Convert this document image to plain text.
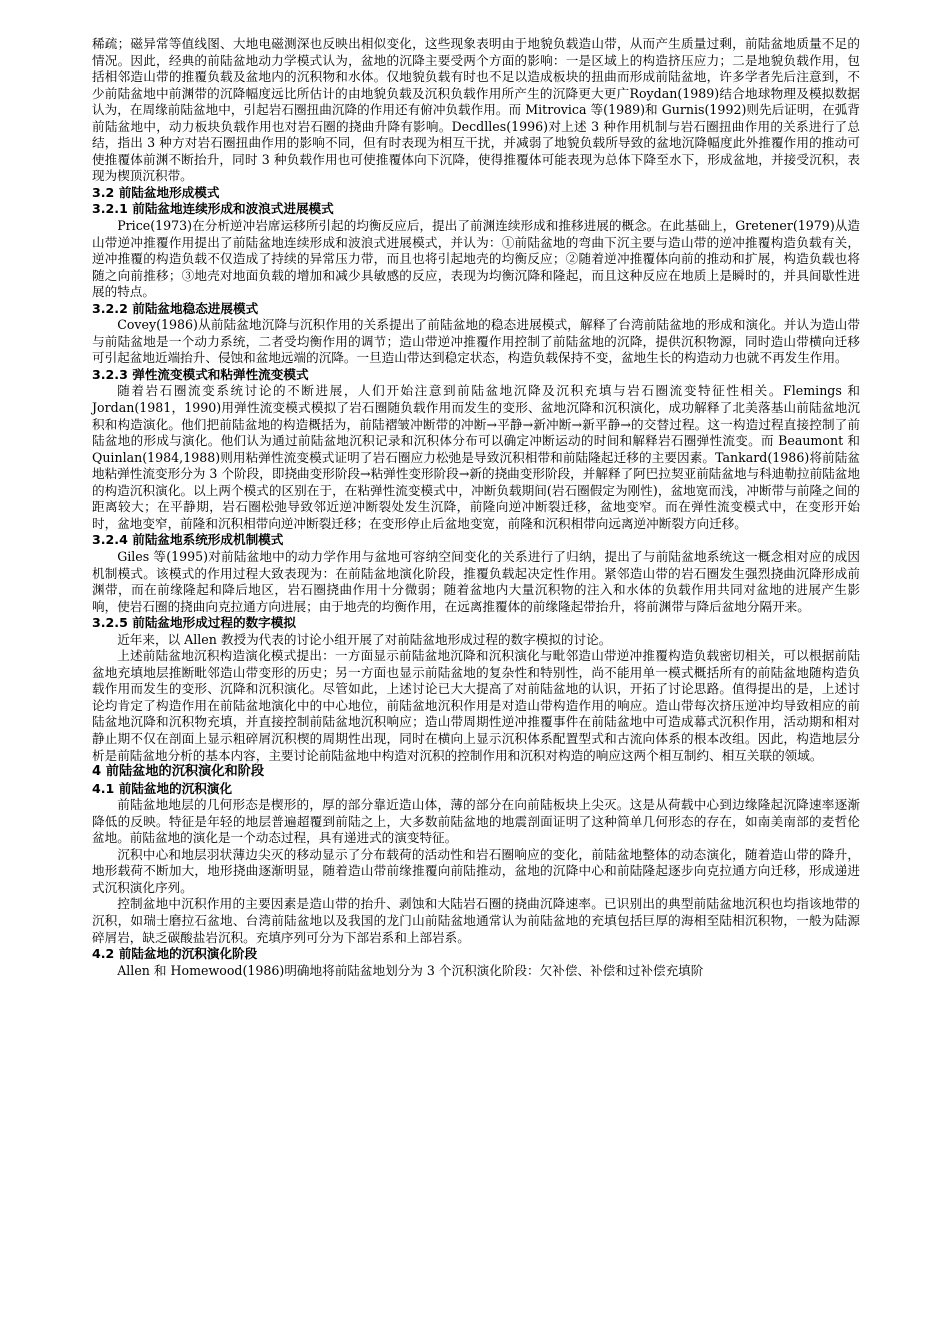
稀疏；磁异常等值线图、大地电磁测深也反映出相似变化，这些现象表明由于地貌负载造山带，从而产生质量过剩，前陆盆地质量不足的情况。因此，经典的前陆盆地动力学模式认为，盆地的沉降主要受两个方面的影响：一是区域上的构造挤压应力；二是地貌负载作用，包括相邻造山带的推覆负载及盆地内的沉积物和水体。仅地貌负载有时也不足以造成板块的扭曲而形成前陆盆地，许多学者先后注意到，不少前陆盆地中前渊带的沉降幅度远比所估计的由地貌负载及沉积负载作用所产生的沉降更大更广Roydan(1989)结合地球物理及模拟数据认为，在周缘前陆盆地中，引起岩石圈扭曲沉降的作用还有俯冲负载作用。而 Mitrovica 等(1989)和 Gurnis(1992)则先后证明，在弧背前陆盆地中，动力板块负载作用也对岩石圈的挠曲升降有影响。Decdlles(1996)对上述 3 种作用机制与岩石圈扭曲作用的关系进行了总结，指出 3 种方对岩石圈扭曲作用的影响不同，但有时表现为相互干扰，并减弱了地貌负载所导致的盆地沉降幅度此外推覆作用的推动可使推覆体前渊不断抬升，同时 3 种负载作用也可使推覆体向下沉降，使得推覆体可能表现为总体下降至水下，形成盆地，并接受沉积，表现为楔顶沉积带。

3.2 前陆盆地形成模式

3.2.1 前陆盆地连续形成和波浪式进展模式

Price(1973)在分析逆冲岩席运移所引起的均衡反应后，提出了前渊连续形成和推移进展的概念。在此基础上，Gretener(1979)从造山带逆冲推覆作用提出了前陆盆地连续形成和波浪式进展模式，并认为：①前陆盆地的弯曲下沉主要与造山带的逆冲推覆构造负载有关，逆冲推覆的构造负载不仅造成了持续的异常压力带，而且也将引起地壳的均衡反应；②随着逆冲推覆体向前的推动和扩展，构造负载也将随之向前推移；③地壳对地面负载的增加和减少具敏感的反应，表现为均衡沉降和隆起，而且这种反应在地质上是瞬时的，并具间歇性进展的特点。

3.2.2 前陆盆地稳态进展模式

Covey(1986)从前陆盆地沉降与沉积作用的关系提出了前陆盆地的稳态进展模式，解释了台湾前陆盆地的形成和演化。并认为造山带与前陆盆地是一个动力系统，二者受均衡作用的调节；造山带逆冲推覆作用控制了前陆盆地的沉降，提供沉积物源，同时造山带横向迁移可引起盆地近端抬升、侵蚀和盆地远端的沉降。一旦造山带达到稳定状态，构造负载保持不变，盆地生长的构造动力也就不再发生作用。

3.2.3 弹性流变模式和粘弹性流变模式

随着岩石圈流变系统讨论的不断进展，人们开始注意到前陆盆地沉降及沉积充填与岩石圈流变特征性相关。Flemings 和 Jordan(1981，1990)用弹性流变模式模拟了岩石圈随负载作用而发生的变形、盆地沉降和沉积演化，成功解释了北美落基山前陆盆地沉积和构造演化。他们把前陆盆地的构造概括为，前陆褶皱冲断带的冲断→平静→新冲断→新平静→的交替过程。这一构造过程直接控制了前陆盆地的形成与演化。他们认为通过前陆盆地沉积记录和沉积体分布可以确定冲断运动的时间和解释岩石圈弹性流变。而 Beaumont 和 Quinlan(1984,1988)则用粘弹性流变模式证明了岩石圈应力松弛是导致沉积相带和前陆隆起迁移的主要因素。Tankard(1986)将前陆盆地粘弹性流变形分为 3 个阶段，即挠曲变形阶段→粘弹性变形阶段→新的挠曲变形阶段，并解释了阿巴拉契亚前陆盆地与科迪勒拉前陆盆地的构造沉积演化。以上两个模式的区别在于，在粘弹性流变模式中，冲断负载期间(岩石圈假定为刚性)，盆地宽而浅，冲断带与前隆之间的距离较大；在平静期，岩石圈松弛导致邻近逆冲断裂处发生沉降，前隆向逆冲断裂迁移，盆地变窄。而在弹性流变模式中，在变形开始时，盆地变窄，前隆和沉积相带向逆冲断裂迁移；在变形停止后盆地变宽，前隆和沉积相带向远离逆冲断裂方向迁移。

3.2.4 前陆盆地系统形成机制模式

Giles 等(1995)对前陆盆地中的动力学作用与盆地可容纳空间变化的关系进行了归纳，提出了与前陆盆地系统这一概念相对应的成因机制模式。该模式的作用过程大致表现为：在前陆盆地演化阶段，推覆负载起决定性作用。紧邻造山带的岩石圈发生强烈挠曲沉降形成前渊带，而在前缘隆起和降后地区，岩石圈挠曲作用十分微弱；随着盆地内大量沉积物的注入和水体的负载作用共同对盆地的进展产生影响，使岩石圈的挠曲向克拉通方向进展；由于地壳的均衡作用，在远离推覆体的前缘隆起带抬升，将前渊带与降后盆地分隔开来。

3.2.5 前陆盆地形成过程的数字模拟

近年来，以 Allen 教授为代表的讨论小组开展了对前陆盆地形成过程的数字模拟的讨论。

上述前陆盆地沉积构造演化模式提出：一方面显示前陆盆地沉降和沉积演化与毗邻造山带逆冲推覆构造负载密切相关，可以根据前陆盆地充填地层推断毗邻造山带变形的历史；另一方面也显示前陆盆地的复杂性和特别性，尚不能用单一模式概括所有的前陆盆地随构造负载作用而发生的变形、沉降和沉积演化。尽管如此，上述讨论已大大提高了对前陆盆地的认识，开拓了讨论思路。值得提出的是，上述讨论均肯定了构造作用在前陆盆地演化中的中心地位，前陆盆地沉积作用是对造山带构造作用的响应。造山带每次挤压逆冲均导致相应的前陆盆地沉降和沉积物充填，并直接控制前陆盆地沉积响应；造山带周期性逆冲推覆事件在前陆盆地中可造成幕式沉积作用，活动期和相对静止期不仅在剖面上显示粗碎屑沉积楔的周期性出现，同时在横向上显示沉积体系配置型式和古流向体系的根本改组。因此，构造地层分析是前陆盆地分析的基本内容，主要讨论前陆盆地中构造对沉积的控制作用和沉积对构造的响应这两个相互制约、相互关联的领域。

4 前陆盆地的沉积演化和阶段

4.1 前陆盆地的沉积演化

前陆盆地地层的几何形态是楔形的，厚的部分靠近造山体，薄的部分在向前陆板块上尖灭。这是从荷载中心到边缘隆起沉降速率逐渐降低的反映。特征是年轻的地层普遍超覆到前陆之上，大多数前陆盆地的地震剖面证明了这种简单几何形态的存在，如南美南部的麦哲伦盆地。前陆盆地的演化是一个动态过程，具有递进式的演变特征。

沉积中心和地层羽状薄边尖灭的移动显示了分布载荷的活动性和岩石圈响应的变化，前陆盆地整体的动态演化，随着造山带的降升，地形载荷不断加大，地形挠曲逐渐明显，随着造山带前缘推覆向前陆推动，盆地的沉降中心和前陆隆起逐步向克拉通方向迁移，形成递进式沉积演化序列。

控制盆地中沉积作用的主要因素是造山带的抬升、剥蚀和大陆岩石圈的挠曲沉降速率。已识别出的典型前陆盆地沉积也均指该地带的沉积，如瑞士磨拉石盆地、台湾前陆盆地以及我国的龙门山前陆盆地通常认为前陆盆地的充填包括巨厚的海相至陆相沉积物，一般为陆源碎屑岩，缺乏碳酸盐岩沉积。充填序列可分为下部岩系和上部岩系。

4.2 前陆盆地的沉积演化阶段

Allen 和 Homewood(1986)明确地将前陆盆地划分为 3 个沉积演化阶段：欠补偿、补偿和过补偿充填阶
